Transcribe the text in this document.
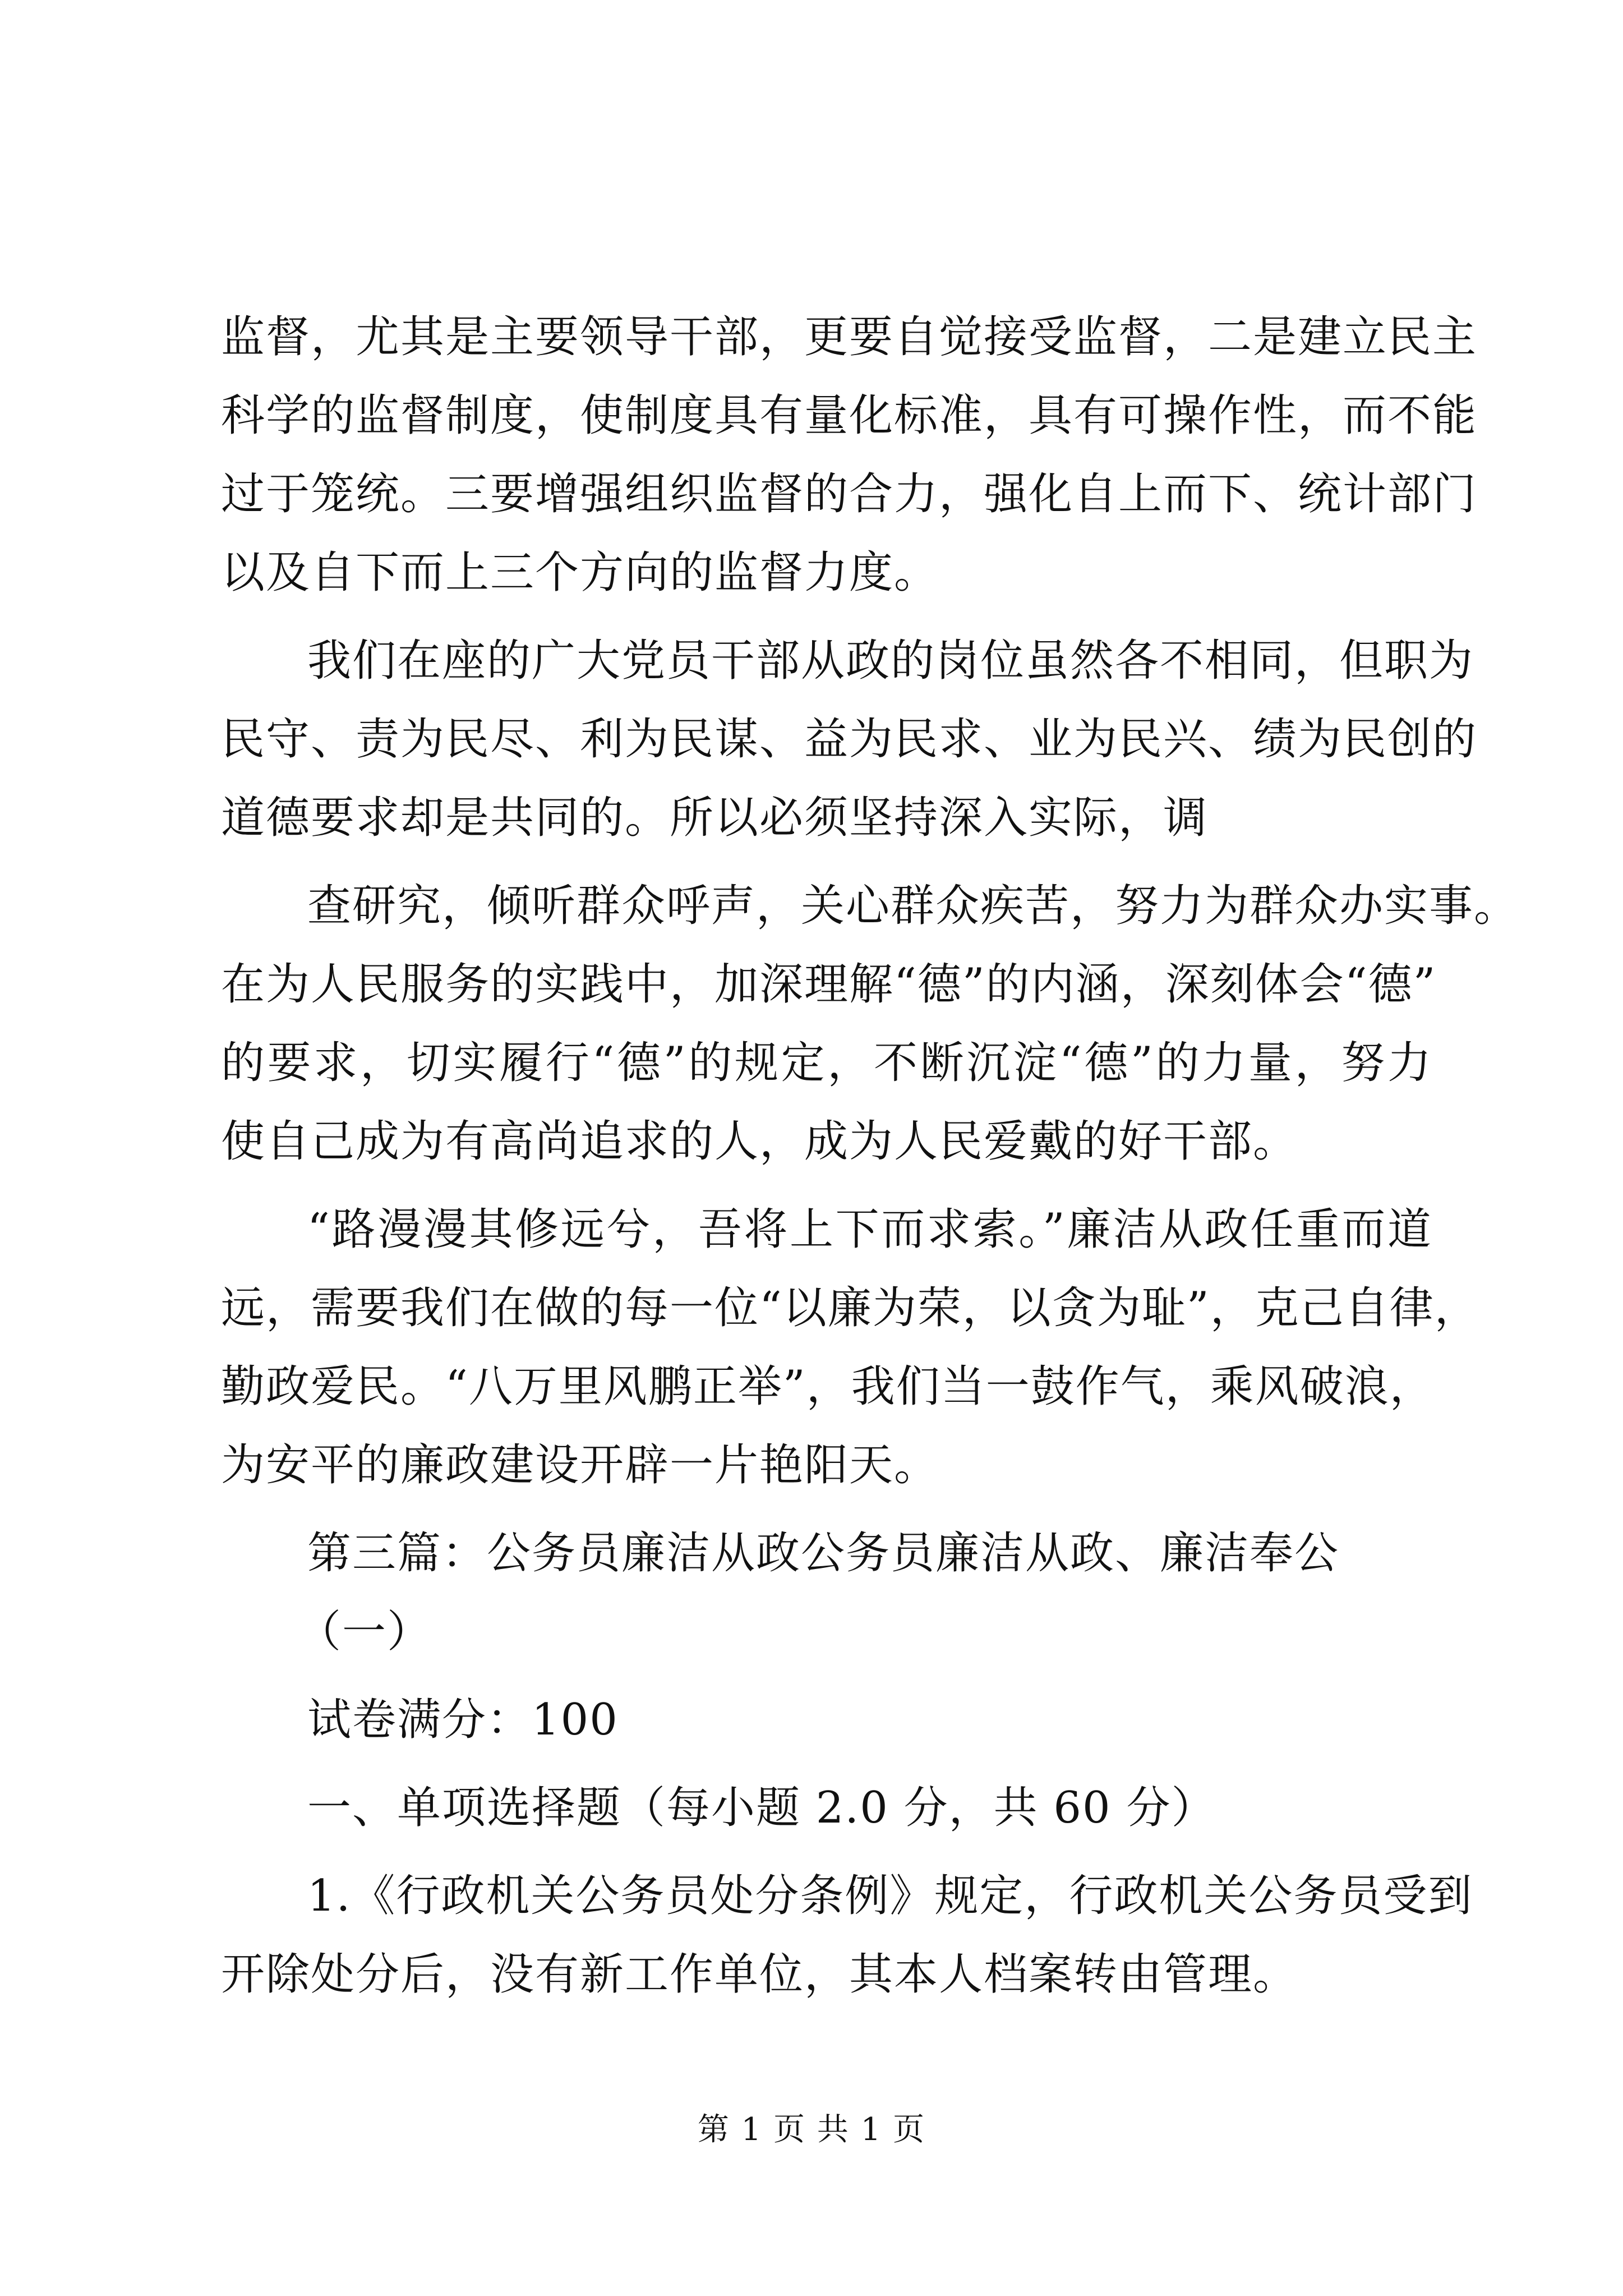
监督，尤其是主要领导干部，更要自觉接受监督，二是建立民主
科学的监督制度，使制度具有量化标准，具有可操作性，而不能
过于笼统。三要增强组织监督的合力，强化自上而下、统计部门
以及自下而上三个方向的监督力度。
我们在座的广大党员干部从政的岗位虽然各不相同，但职为
民守、责为民尽、利为民谋、益为民求、业为民兴、绩为民创的
道德要求却是共同的。所以必须坚持深入实际，调
查研究，倾听群众呼声，关心群众疾苦，努力为群众办实事。
在为人民服务的实践中，加深理解“德”的内涵，深刻体会“德”
的要求，切实履行“德”的规定，不断沉淀“德”的力量，努力
使自己成为有高尚追求的人，成为人民爱戴的好干部。
“路漫漫其修远兮，吾将上下而求索。”廉洁从政任重而道
远，需要我们在做的每一位“以廉为荣，以贪为耻”，克己自律，
勤政爱民。“八万里风鹏正举”，我们当一鼓作气，乘风破浪，
为安平的廉政建设开辟一片艳阳天。
第三篇：公务员廉洁从政公务员廉洁从政、廉洁奉公
（一）
试卷满分：100
一、单项选择题（每小题 2.0 分，共 60 分）
1.《行政机关公务员处分条例》规定，行政机关公务员受到
开除处分后，没有新工作单位，其本人档案转由管理。
第 1 页 共 1 页
